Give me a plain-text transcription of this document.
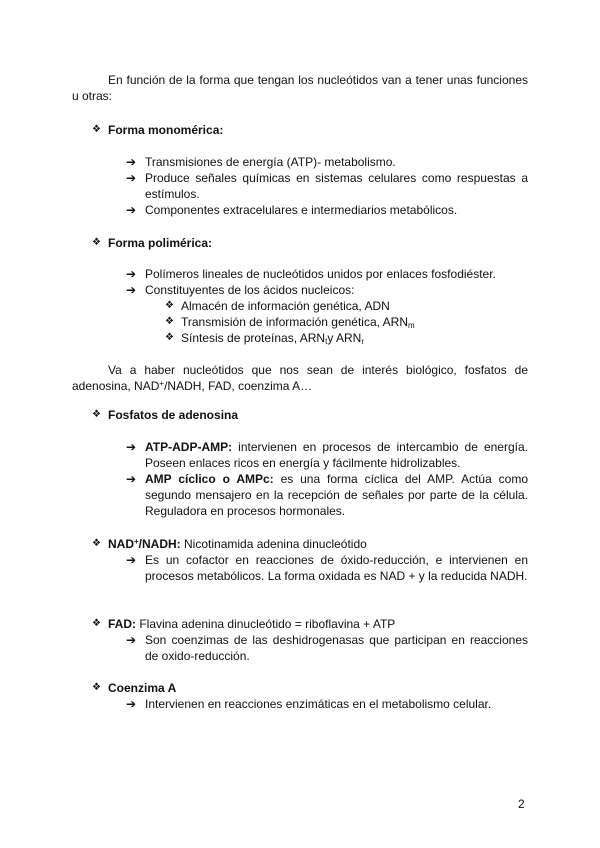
En función de la forma que tengan los nucleótidos van a tener unas funciones
u otras:
❖ Forma monomérica:
➔ Transmisiones de energía (ATP)- metabolismo.
➔ Produce señales químicas en sistemas celulares como respuestas a estímulos.
➔ Componentes extracelulares e intermediarios metabólicos.
❖ Forma polimérica:
➔ Polímeros lineales de nucleótidos unidos por enlaces fosfodiéster.
➔ Constituyentes de los ácidos nucleicos:
❖ Almacén de información genética, ADN
❖ Transmisión de información genética, $ARN_m$
❖ Síntesis de proteínas, $ARN_ty$ $ARN_r$
Va a haber nucleótidos que nos sean de interés biológico, fosfatos de
adenosina, NAD+/NADH, FAD, coenzima A…
❖ Fosfatos de adenosina
➔ ATP-ADP-AMP: intervienen en procesos de intercambio de energía. Poseen enlaces ricos en energía y fácilmente hidrolizables.
➔ AMP cíclico o AMPc: es una forma cíclica del AMP. Actúa como segundo mensajero en la recepción de señales por parte de la célula. Reguladora en procesos hormonales.
❖ NAD+/NADH: Nicotinamida adenina dinucleótido
➔ Es un cofactor en reacciones de óxido-reducción, e intervienen en procesos metabólicos. La forma oxidada es NAD + y la reducida NADH.
❖ FAD: Flavina adenina dinucleótido = riboflavina + ATP
➔ Son coenzimas de las deshidrogenasas que participan en reacciones de oxido-reducción.
❖ Coenzima A
➔ Intervienen en reacciones enzimáticas en el metabolismo celular.
2
